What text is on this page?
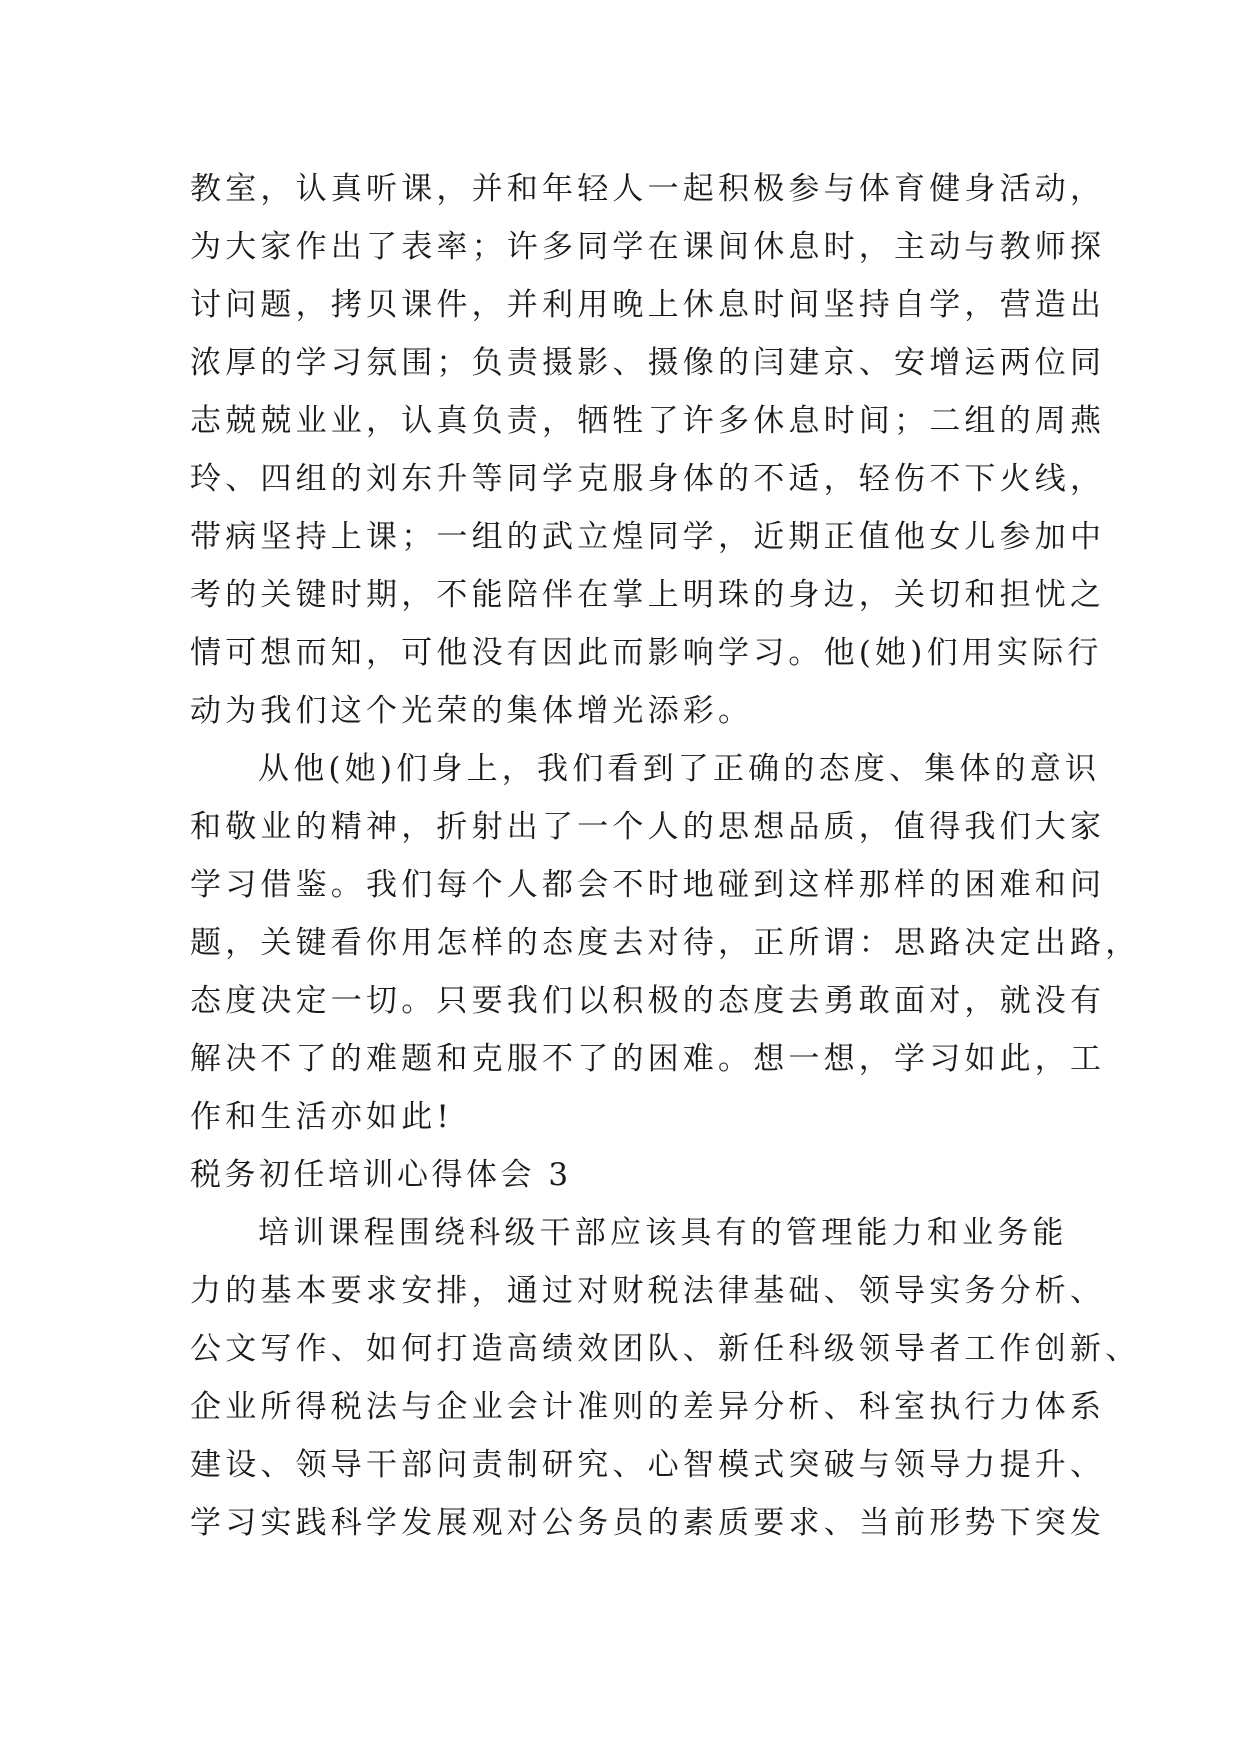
教室，认真听课，并和年轻人一起积极参与体育健身活动，
为大家作出了表率；许多同学在课间休息时，主动与教师探
讨问题，拷贝课件，并利用晚上休息时间坚持自学，营造出
浓厚的学习氛围；负责摄影、摄像的闫建京、安增运两位同
志兢兢业业，认真负责，牺牲了许多休息时间；二组的周燕
玲、四组的刘东升等同学克服身体的不适，轻伤不下火线，
带病坚持上课；一组的武立煌同学，近期正值他女儿参加中
考的关键时期，不能陪伴在掌上明珠的身边，关切和担忧之
情可想而知，可他没有因此而影响学习。他(她)们用实际行
动为我们这个光荣的集体增光添彩。
从他(她)们身上，我们看到了正确的态度、集体的意识
和敬业的精神，折射出了一个人的思想品质，值得我们大家
学习借鉴。我们每个人都会不时地碰到这样那样的困难和问
题，关键看你用怎样的态度去对待，正所谓：思路决定出路，
态度决定一切。只要我们以积极的态度去勇敢面对，就没有
解决不了的难题和克服不了的困难。想一想，学习如此，工
作和生活亦如此!
税务初任培训心得体会 3
培训课程围绕科级干部应该具有的管理能力和业务能
力的基本要求安排，通过对财税法律基础、领导实务分析、
公文写作、如何打造高绩效团队、新任科级领导者工作创新、
企业所得税法与企业会计准则的差异分析、科室执行力体系
建设、领导干部问责制研究、心智模式突破与领导力提升、
学习实践科学发展观对公务员的素质要求、当前形势下突发
